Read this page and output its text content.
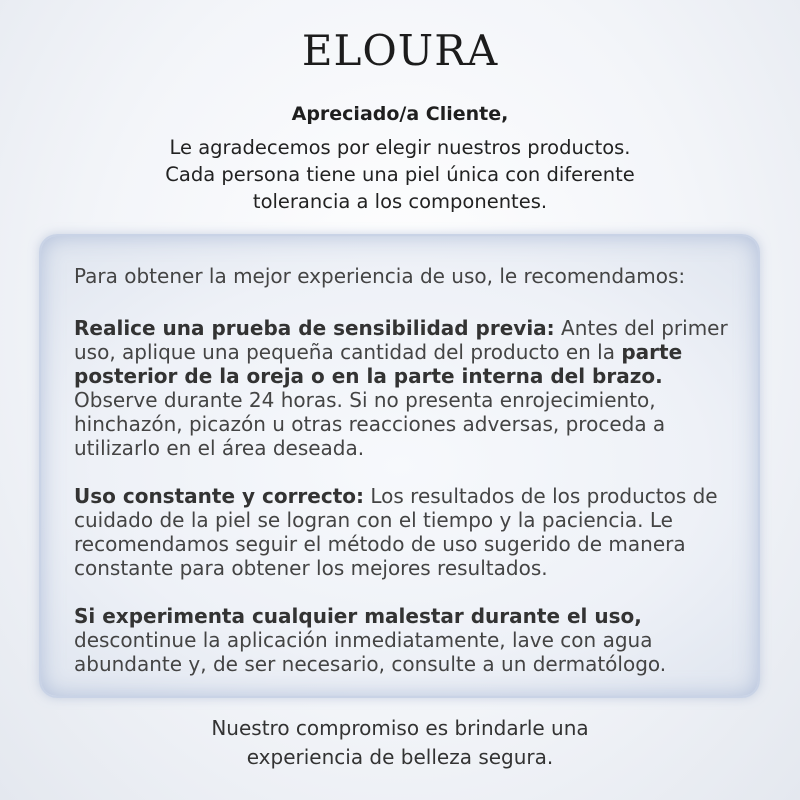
ELOURA
Apreciado/a Cliente,
Le agradecemos por elegir nuestros productos.
Cada persona tiene una piel única con diferente
tolerancia a los componentes.

Para obtener la mejor experiencia de uso, le recomendamos:

Realice una prueba de sensibilidad previa: Antes del primer
uso, aplique una pequeña cantidad del producto en la parte
posterior de la oreja o en la parte interna del brazo.
Observe durante 24 horas. Si no presenta enrojecimiento,
hinchazón, picazón u otras reacciones adversas, proceda a
utilizarlo en el área deseada.

Uso constante y correcto: Los resultados de los productos de
cuidado de la piel se logran con el tiempo y la paciencia. Le
recomendamos seguir el método de uso sugerido de manera
constante para obtener los mejores resultados.

Si experimenta cualquier malestar durante el uso,
descontinue la aplicación inmediatamente, lave con agua
abundante y, de ser necesario, consulte a un dermatólogo.

Nuestro compromiso es brindarle una
experiencia de belleza segura.
